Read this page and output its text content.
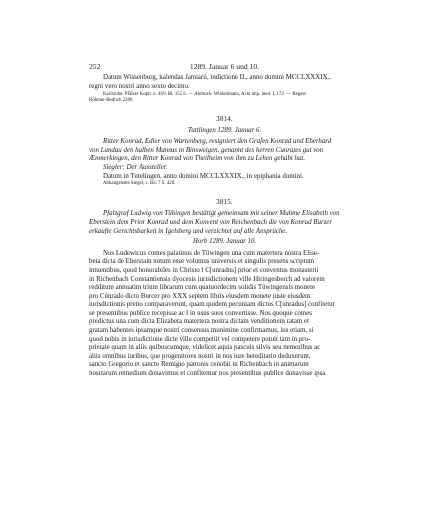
252	1289. Januar 6 und 10.

Datum Wissenburg, kalendas Januarii, indictione II., anno domini MCCLXXXIX.,

regni vero nostri anno sexto decimo.

Karlsruhe. Pfälzer Kopb. n. 46½ Bl. 155 b. — Abdruck: Winkelmann, Acta imp. ined. I, 172. — Regest:

Böhmer-Redlich 2206.

3814.

Tuttlingen 1289. Januar 6.

Ritter Konrad, Edler von Wartenberg, resigniert den Grafen Konrad und Eberhard

von Landau den halben Mansus in Binsweigen, genannt des herren Cunrates gut von

Ænmerkingen, den Ritter Konrad von Theilheim von ihm zu Lehen gehabt hat.

Siegler: Der Aussteller.

Datum in Tutelingen, anno domini MCCLXXXIX., in epiphania domini.

Abhangendes Siegel, s. Bd. 7 S. 420.

3815.

Pfalzgraf Ludwig von Tübingen bestätigt gemeinsam mit seiner Muhme Elisabeth von

Eberstein dem Prior Konrad und dem Konvent von Reichenbach die von Konrad Burzer

erkaufte Gerichtsbarkeit in Igelsberg und verzichtet auf alle Ansprüche.

Horb 1289. Januar 10.

Nos Ludewicus comes palatinus de Tüwingen una cum matertera nostra Elise-

beta dicta de Eberstain notum esse volumus universis et singulis presens scriptum

intuentibus, quod honorabiles in Christo ‖ C[unradus] prior et conventus monasterii

in Richenbach Constantiensis dyocesis iurisdictionem ville Hiringesberch ad valorem

redditum annuatim trium librarum cum quatuordecim solidis Tüwingensis monete

pro Cůnrado dicto Burcer pro XXX septem libris eiusdem monete iuste eiusdem

iurisdictionis pretio comparaverunt, quam quidem pecuniam dictus C[unradus] confitetur

se presentibus publice recepisse ac ‖ in usus suos convertisse. Nos quoque comes

predictus una cum dicta Elizabeta matertera nostra dictam venditionem ratam et

gratam habentes ipsamque nostri consensus munimine confirmamus, ius etiam, si

quod nobis in iurisdictione dicte ville competiit vel competere potuit tam in pro-

prietate quam in aliis quibuscumque, videlicet aquis pascuis silvis seu nemoribus ac

aliis omnibus iuribus, que progenitores nostri in nos iure hereditario deduxerunt,

sancto Gregorio et sancto Remigio patronis cenobii in Richenbach in animarum

nostrarum remedium donavimus et confitemur nos presentibus publice donavisse ipsa
